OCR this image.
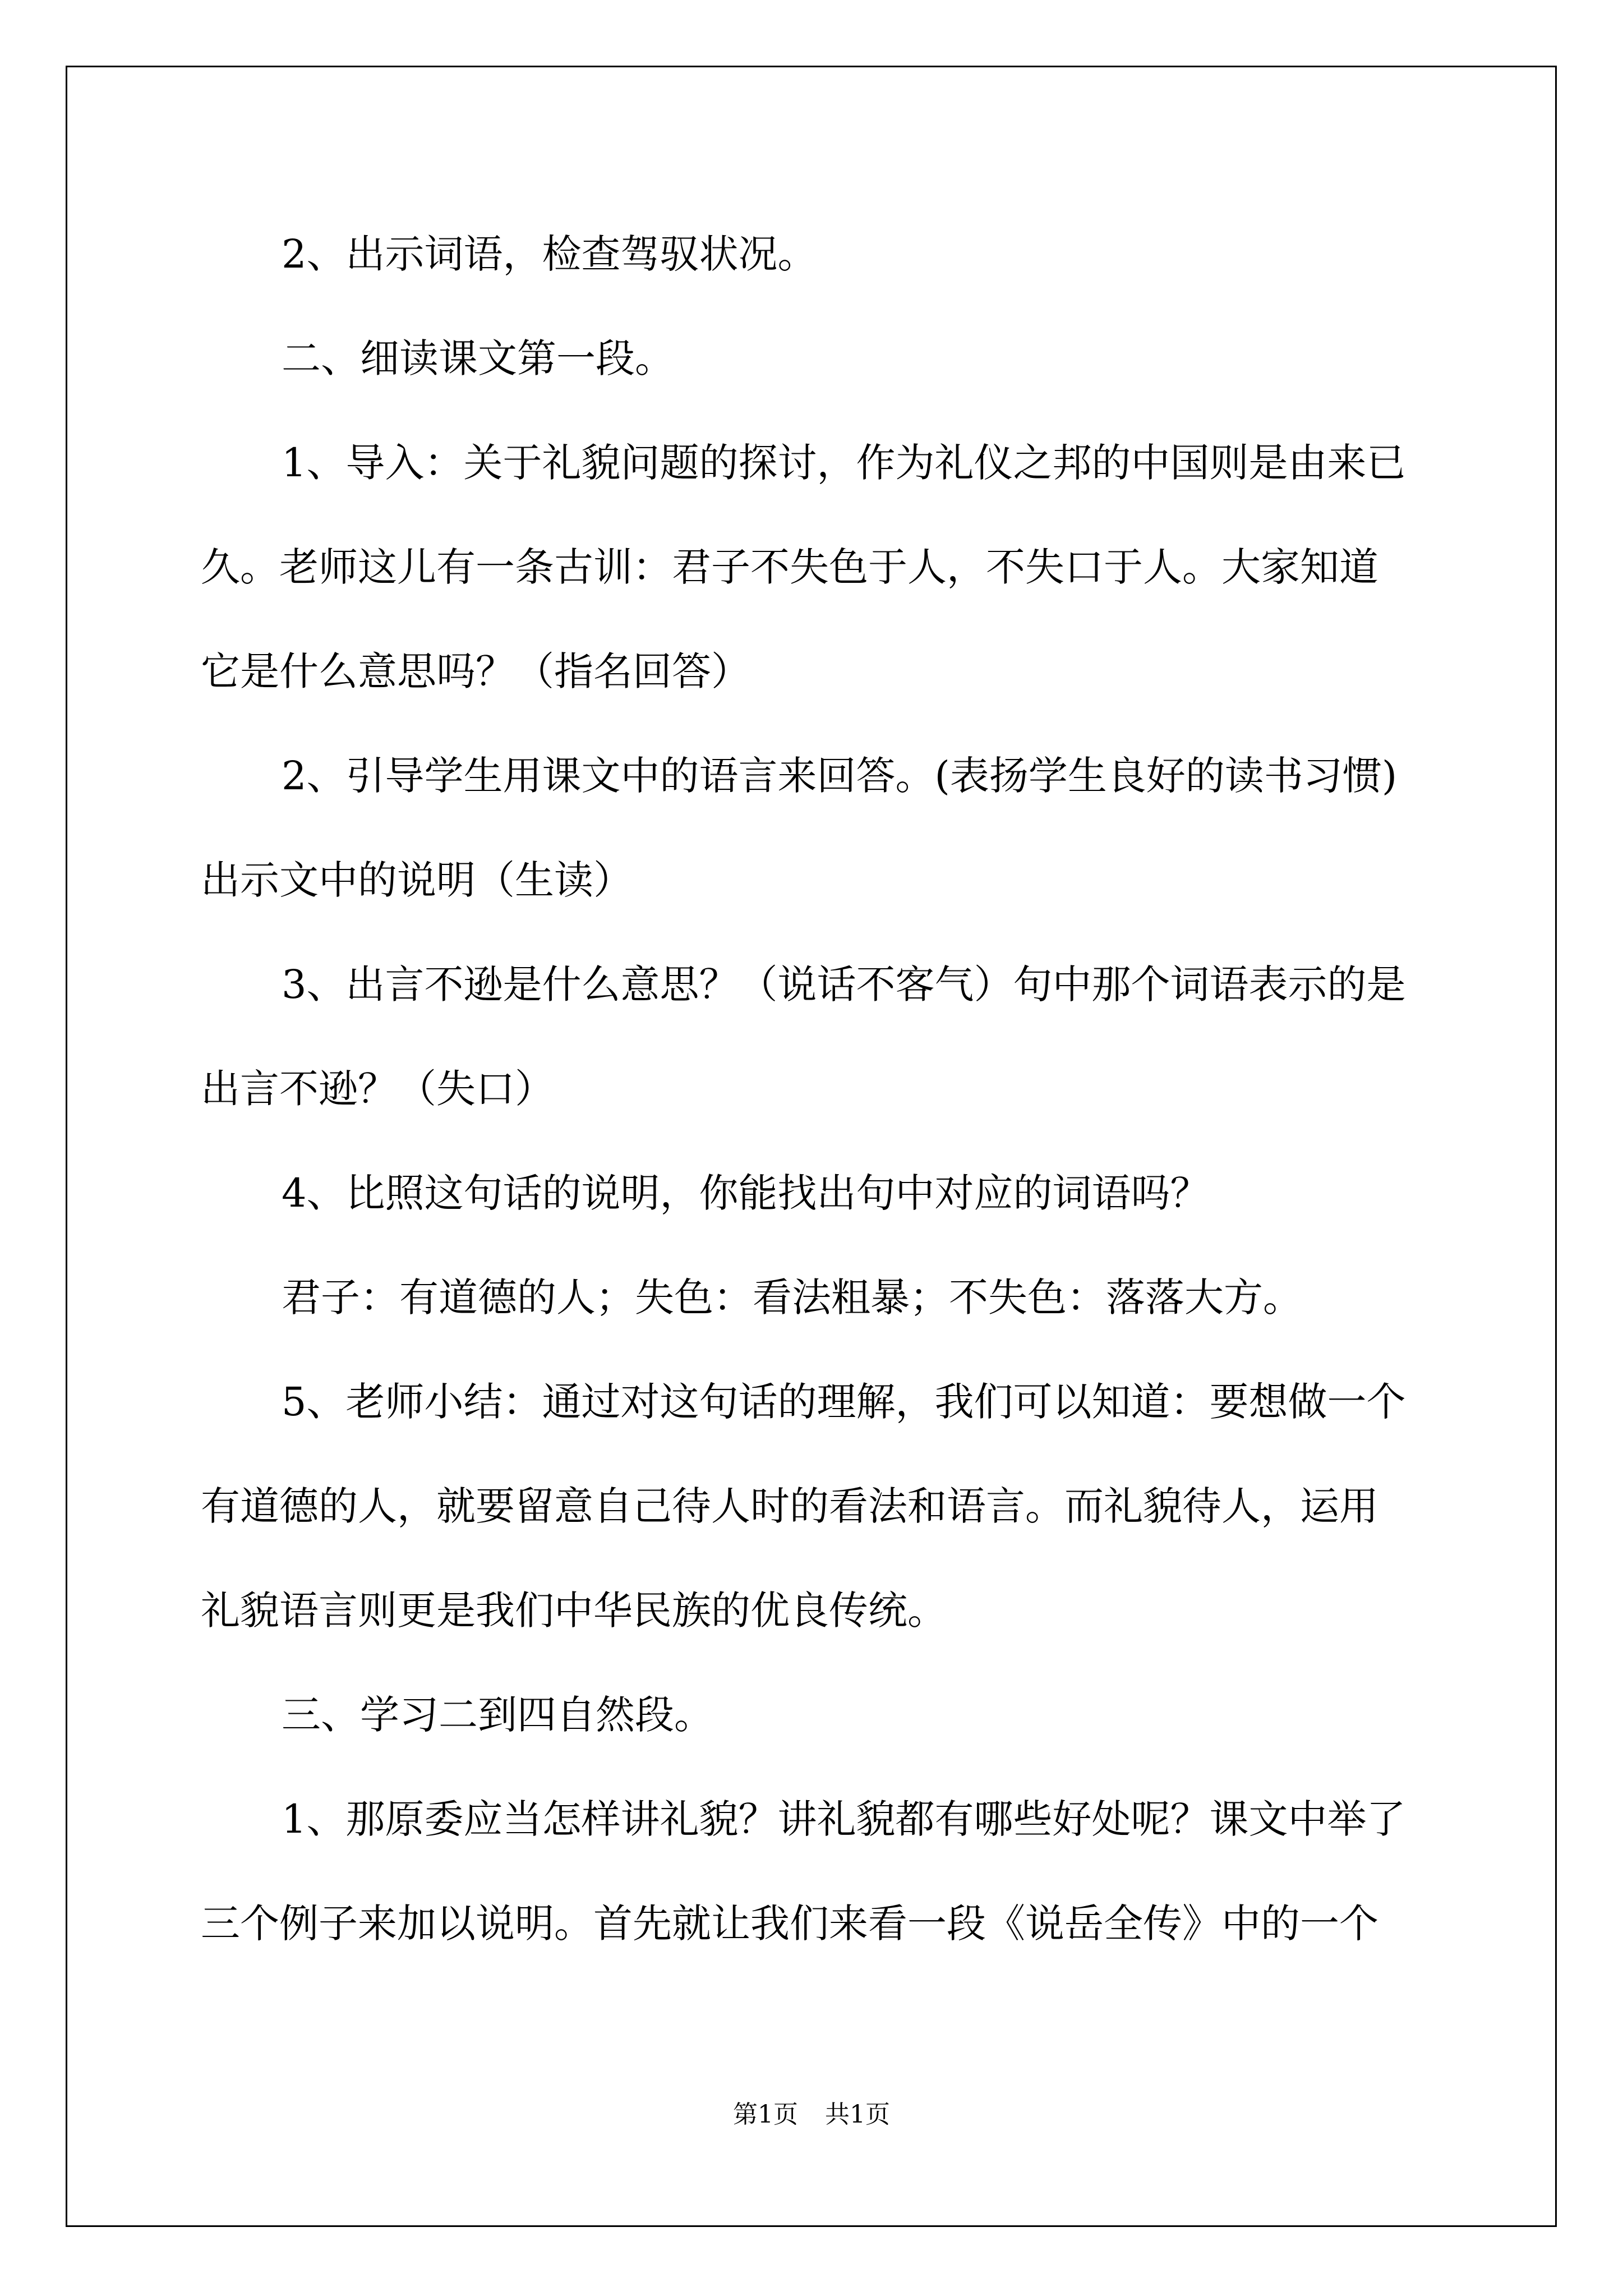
2、出示词语，检查驾驭状况。
二、细读课文第一段。
1、导入：关于礼貌问题的探讨，作为礼仪之邦的中国则是由来已
久。老师这儿有一条古训：君子不失色于人，不失口于人。大家知道
它是什么意思吗？（指名回答）
2、引导学生用课文中的语言来回答。(表扬学生良好的读书习惯)
出示文中的说明（生读）
3、出言不逊是什么意思？（说话不客气）句中那个词语表示的是
出言不逊？（失口）
4、比照这句话的说明，你能找出句中对应的词语吗？
君子：有道德的人；失色：看法粗暴；不失色：落落大方。
5、老师小结：通过对这句话的理解，我们可以知道：要想做一个
有道德的人，就要留意自己待人时的看法和语言。而礼貌待人，运用
礼貌语言则更是我们中华民族的优良传统。
三、学习二到四自然段。
1、那原委应当怎样讲礼貌？讲礼貌都有哪些好处呢？课文中举了
三个例子来加以说明。首先就让我们来看一段《说岳全传》中的一个
第1页 共1页
